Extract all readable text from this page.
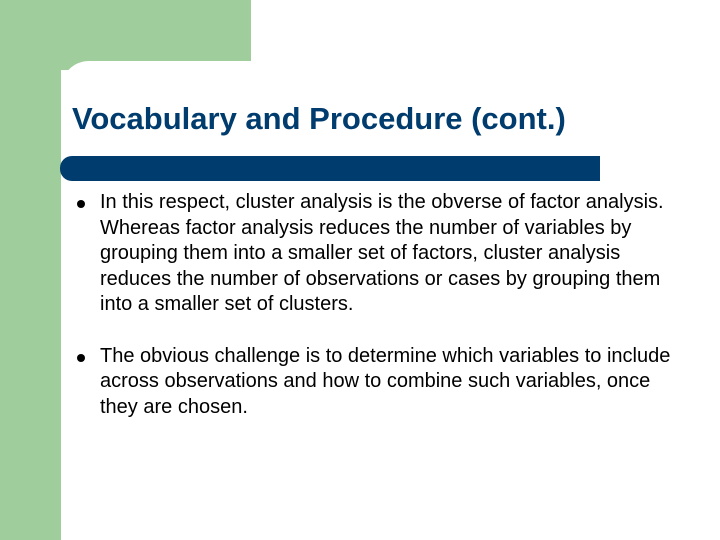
Vocabulary and Procedure (cont.)
In this respect, cluster analysis is the obverse of factor analysis. Whereas factor analysis reduces the number of variables by grouping them into a smaller set of factors, cluster analysis reduces the number of observations or cases by grouping them into a smaller set of clusters.
The obvious challenge is to determine which variables to include across observations and how to combine such variables, once they are chosen.
